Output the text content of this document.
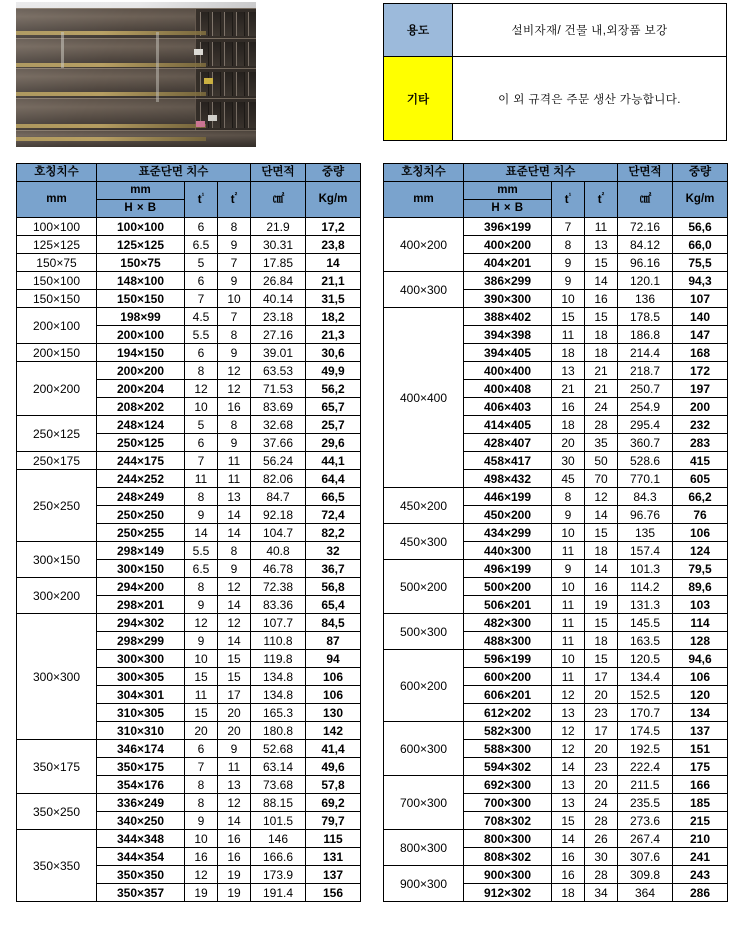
용도	설비자재/ 건물 내,외장품 보강
기타	이 외 규격은 주문 생산 가능합니다.
호칭치수	표준단면 치수			단면적	중량
mm	mm	$t^{^1}$	$t^{^2}$	㎠	Kg/m
	H × B				
100×100	100×100	6	8	21.9	17,2
125×125	125×125	6.5	9	30.31	23,8
150×75	150×75	5	7	17.85	14
150×100	148×100	6	9	26.84	21,1
150×150	150×150	7	10	40.14	31,5
200×100	198×99	4.5	7	23.18	18,2
	200×100	5.5	8	27.16	21,3
200×150	194×150	6	9	39.01	30,6
200×200	200×200	8	12	63.53	49,9
	200×204	12	12	71.53	56,2
	208×202	10	16	83.69	65,7
250×125	248×124	5	8	32.68	25,7
	250×125	6	9	37.66	29,6
250×175	244×175	7	11	56.24	44,1
250×250	244×252	11	11	82.06	64,4
	248×249	8	13	84.7	66,5
	250×250	9	14	92.18	72,4
	250×255	14	14	104.7	82,2
300×150	298×149	5.5	8	40.8	32
	300×150	6.5	9	46.78	36,7
300×200	294×200	8	12	72.38	56,8
	298×201	9	14	83.36	65,4
300×300	294×302	12	12	107.7	84,5
	298×299	9	14	110.8	87
	300×300	10	15	119.8	94
	300×305	15	15	134.8	106
	304×301	11	17	134.8	106
	310×305	15	20	165.3	130
	310×310	20	20	180.8	142
350×175	346×174	6	9	52.68	41,4
	350×175	7	11	63.14	49,6
	354×176	8	13	73.68	57,8
350×250	336×249	8	12	88.15	69,2
	340×250	9	14	101.5	79,7
350×350	344×348	10	16	146	115
	344×354	16	16	166.6	131
	350×350	12	19	173.9	137
	350×357	19	19	191.4	156
호칭치수	표준단면 치수			단면적	중량
mm	mm	$t^{^1}$	$t^{^2}$	㎠	Kg/m
	H × B				
400×200	396×199	7	11	72.16	56,6
	400×200	8	13	84.12	66,0
	404×201	9	15	96.16	75,5
400×300	386×299	9	14	120.1	94,3
	390×300	10	16	136	107
400×400	388×402	15	15	178.5	140
	394×398	11	18	186.8	147
	394×405	18	18	214.4	168
	400×400	13	21	218.7	172
	400×408	21	21	250.7	197
	406×403	16	24	254.9	200
	414×405	18	28	295.4	232
	428×407	20	35	360.7	283
	458×417	30	50	528.6	415
	498×432	45	70	770.1	605
450×200	446×199	8	12	84.3	66,2
	450×200	9	14	96.76	76
450×300	434×299	10	15	135	106
	440×300	11	18	157.4	124
500×200	496×199	9	14	101.3	79,5
	500×200	10	16	114.2	89,6
	506×201	11	19	131.3	103
500×300	482×300	11	15	145.5	114
	488×300	11	18	163.5	128
600×200	596×199	10	15	120.5	94,6
	600×200	11	17	134.4	106
	606×201	12	20	152.5	120
	612×202	13	23	170.7	134
600×300	582×300	12	17	174.5	137
	588×300	12	20	192.5	151
	594×302	14	23	222.4	175
700×300	692×300	13	20	211.5	166
	700×300	13	24	235.5	185
	708×302	15	28	273.6	215
800×300	800×300	14	26	267.4	210
	808×302	16	30	307.6	241
900×300	900×300	16	28	309.8	243
	912×302	18	34	364	286
